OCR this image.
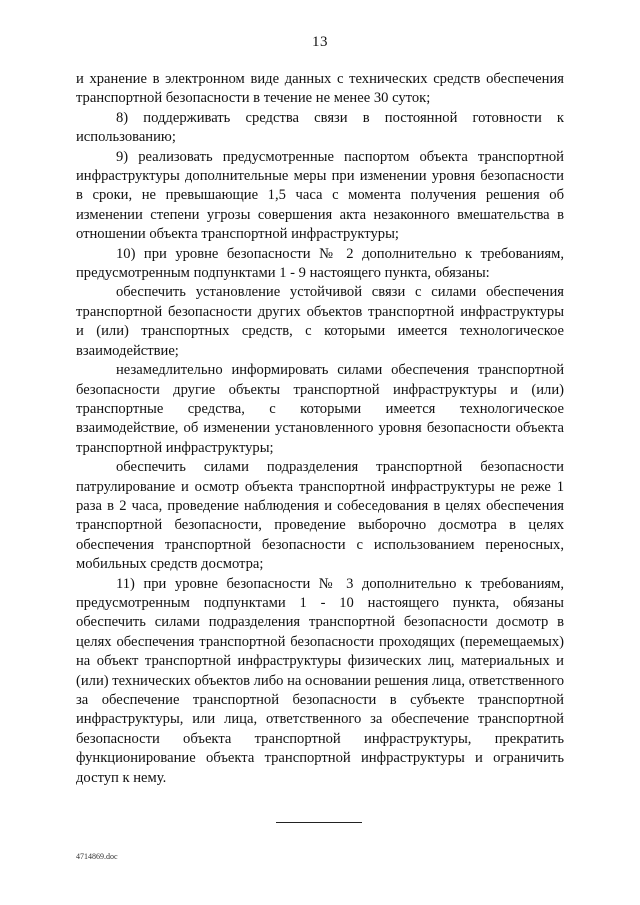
13

и хранение в электронном виде данных с технических средств обеспечения транспортной безопасности в течение не менее 30 суток;

8) поддерживать средства связи в постоянной готовности к использованию;

9) реализовать предусмотренные паспортом объекта транспортной инфраструктуры дополнительные меры при изменении уровня безопасности в сроки, не превышающие 1,5 часа с момента получения решения об изменении степени угрозы совершения акта незаконного вмешательства в отношении объекта транспортной инфраструктуры;

10) при уровне безопасности № 2 дополнительно к требованиям, предусмотренным подпунктами 1 - 9 настоящего пункта, обязаны:

обеспечить установление устойчивой связи с силами обеспечения транспортной безопасности других объектов транспортной инфраструктуры и (или) транспортных средств, с которыми имеется технологическое взаимодействие;

незамедлительно информировать силами обеспечения транспортной безопасности другие объекты транспортной инфраструктуры и (или) транспортные средства, с которыми имеется технологическое взаимодействие, об изменении установленного уровня безопасности объекта транспортной инфраструктуры;

обеспечить силами подразделения транспортной безопасности патрулирование и осмотр объекта транспортной инфраструктуры не реже 1 раза в 2 часа, проведение наблюдения и собеседования в целях обеспечения транспортной безопасности, проведение выборочно досмотра в целях обеспечения транспортной безопасности с использованием переносных, мобильных средств досмотра;

11) при уровне безопасности № 3 дополнительно к требованиям, предусмотренным подпунктами 1 - 10 настоящего пункта, обязаны обеспечить силами подразделения транспортной безопасности досмотр в целях обеспечения транспортной безопасности проходящих (перемещаемых) на объект транспортной инфраструктуры физических лиц, материальных и (или) технических объектов либо на основании решения лица, ответственного за обеспечение транспортной безопасности в субъекте транспортной инфраструктуры, или лица, ответственного за обеспечение транспортной безопасности объекта транспортной инфраструктуры, прекратить функционирование объекта транспортной инфраструктуры и ограничить доступ к нему.

4714869.doc
